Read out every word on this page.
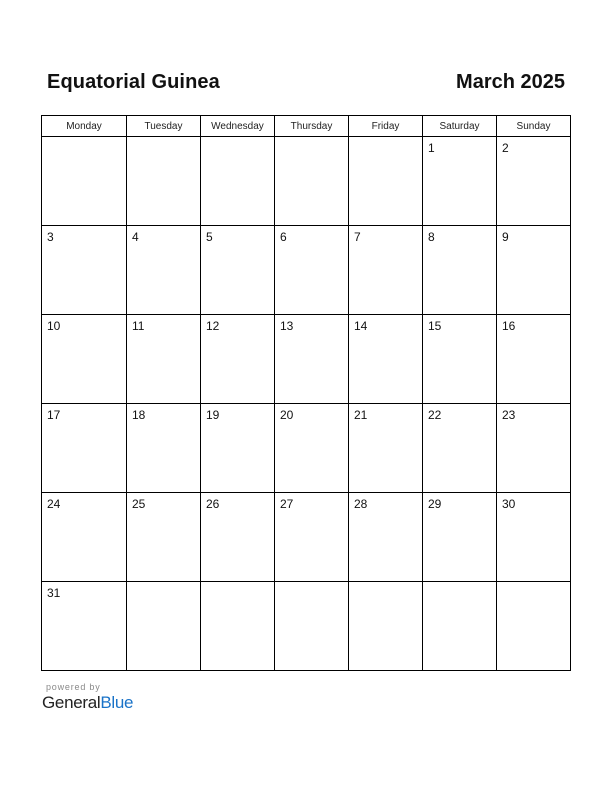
Equatorial Guinea	March 2025
Monday	Tuesday	Wednesday	Thursday	Friday	Saturday	Sunday

					1	2

3	4	5	6	7	8	9

10	11	12	13	14	15	16

17	18	19	20	21	22	23

24	25	26	27	28	29	30

31						

powered by
GeneralBlue
